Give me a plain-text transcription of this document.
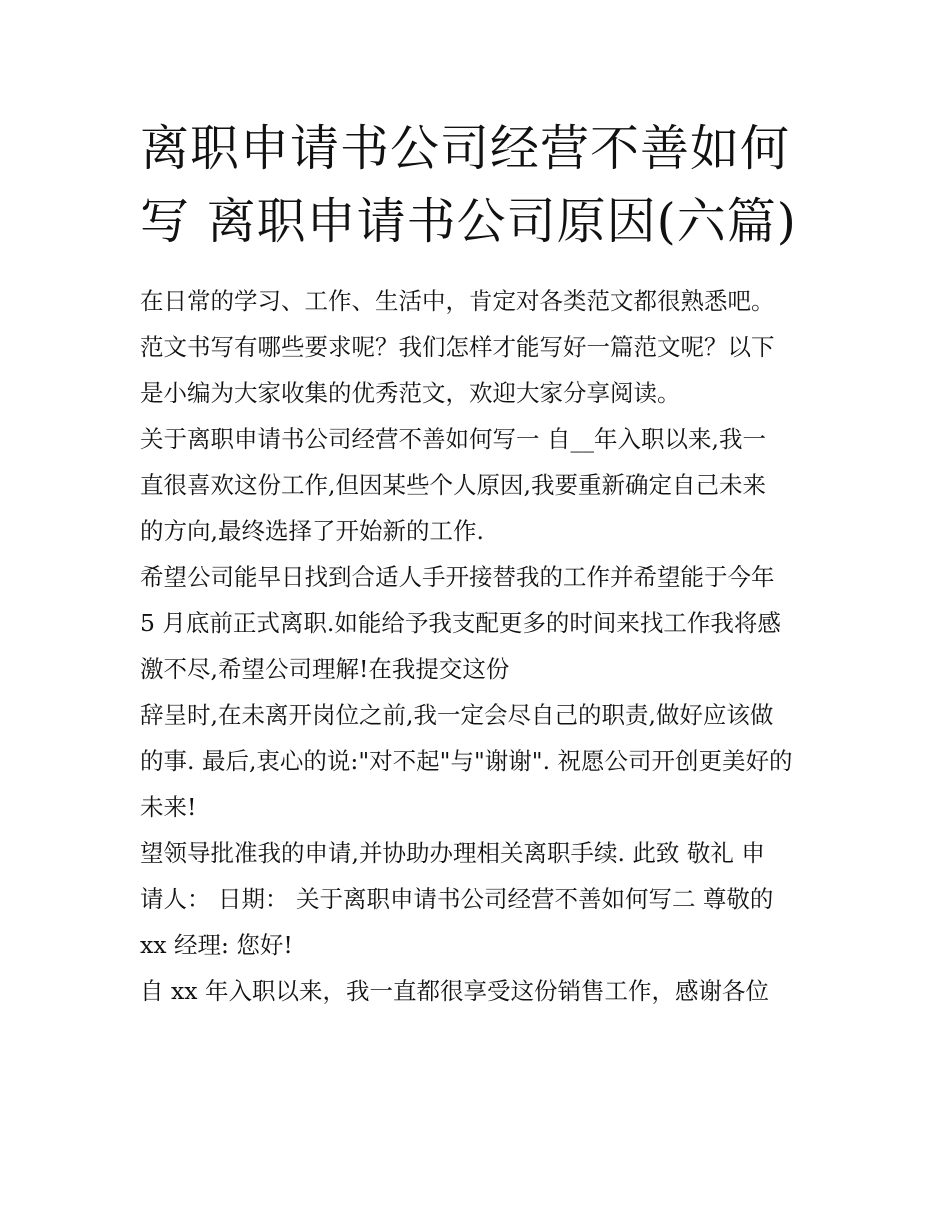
离职申请书公司经营不善如何
写 离职申请书公司原因(六篇)

在日常的学习、工作、生活中，肯定对各类范文都很熟悉吧。
范文书写有哪些要求呢？我们怎样才能写好一篇范文呢？以下
是小编为大家收集的优秀范文，欢迎大家分享阅读。

关于离职申请书公司经营不善如何写一 自__年入职以来,我一
直很喜欢这份工作,但因某些个人原因,我要重新确定自己未来
的方向,最终选择了开始新的工作.

希望公司能早日找到合适人手开接替我的工作并希望能于今年
5 月底前正式离职.如能给予我支配更多的时间来找工作我将感
激不尽,希望公司理解!在我提交这份

辞呈时,在未离开岗位之前,我一定会尽自己的职责,做好应该做
的事. 最后,衷心的说:"对不起"与"谢谢". 祝愿公司开创更美好的
未来!

望领导批准我的申请,并协助办理相关离职手续. 此致 敬礼 申
请人： 日期： 关于离职申请书公司经营不善如何写二 尊敬的
xx 经理: 您好!

自 xx 年入职以来，我一直都很享受这份销售工作，感谢各位
